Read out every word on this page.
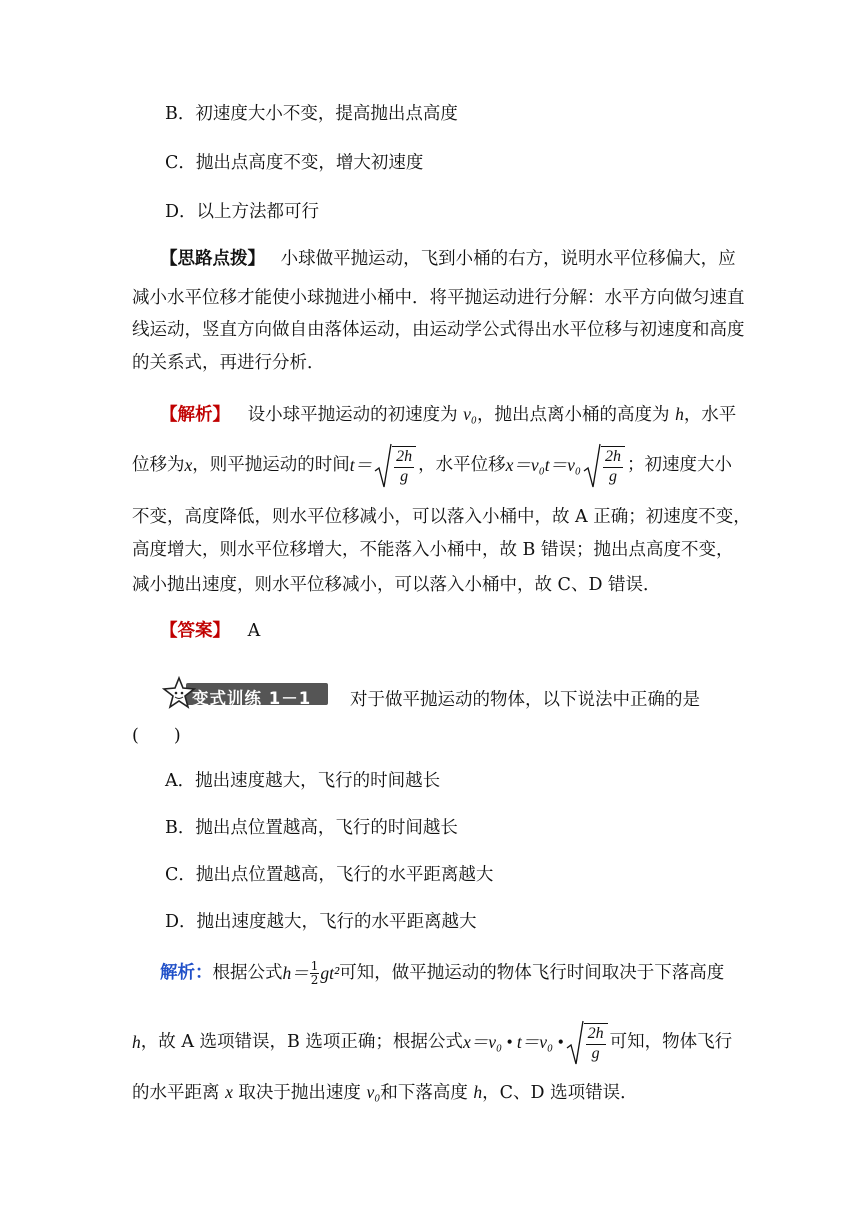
B．初速度大小不变，提高抛出点高度
C．抛出点高度不变，增大初速度
D．以上方法都可行
【思路点拨】 小球做平抛运动，飞到小桶的右方，说明水平位移偏大，应
减小水平位移才能使小球抛进小桶中．将平抛运动进行分解：水平方向做匀速直
线运动，竖直方向做自由落体运动，由运动学公式得出水平位移与初速度和高度
的关系式，再进行分析．
【解析】 设小球平抛运动的初速度为 v₀，抛出点离小桶的高度为 h，水平
位移为 x ，则平抛运动的时间 $t= \frac{2h}{g}$ ，水平位移 $x=v_0t=v_0 \frac{2h}{g}$ ；初速度大小
不变，高度降低，则水平位移减小，可以落入小桶中，故 A 正确；初速度不变，
高度增大，则水平位移增大，不能落入小桶中，故 B 错误；抛出点高度不变，
减小抛出速度，则水平位移减小，可以落入小桶中，故 C、D 错误．
【答案】 A
变式训练 1－1 对于做平抛运动的物体，以下说法中正确的是
(　　)
A．抛出速度越大，飞行的时间越长
B．抛出点位置越高，飞行的时间越长
C．抛出点位置越高，飞行的水平距离越大
D．抛出速度越大，飞行的水平距离越大
解析： 根据公式 $h= \frac{1}{2} gt^2$ 可知，做平抛运动的物体飞行时间取决于下落高度
h ，故 A 选项错误，B 选项正确；根据公式 x＝v₀ • t＝v₀ • $\frac{2h}{g}$ 可知，物体飞行
的水平距离 x 取决于抛出速度 v₀和下落高度 h，C、D 选项错误．
